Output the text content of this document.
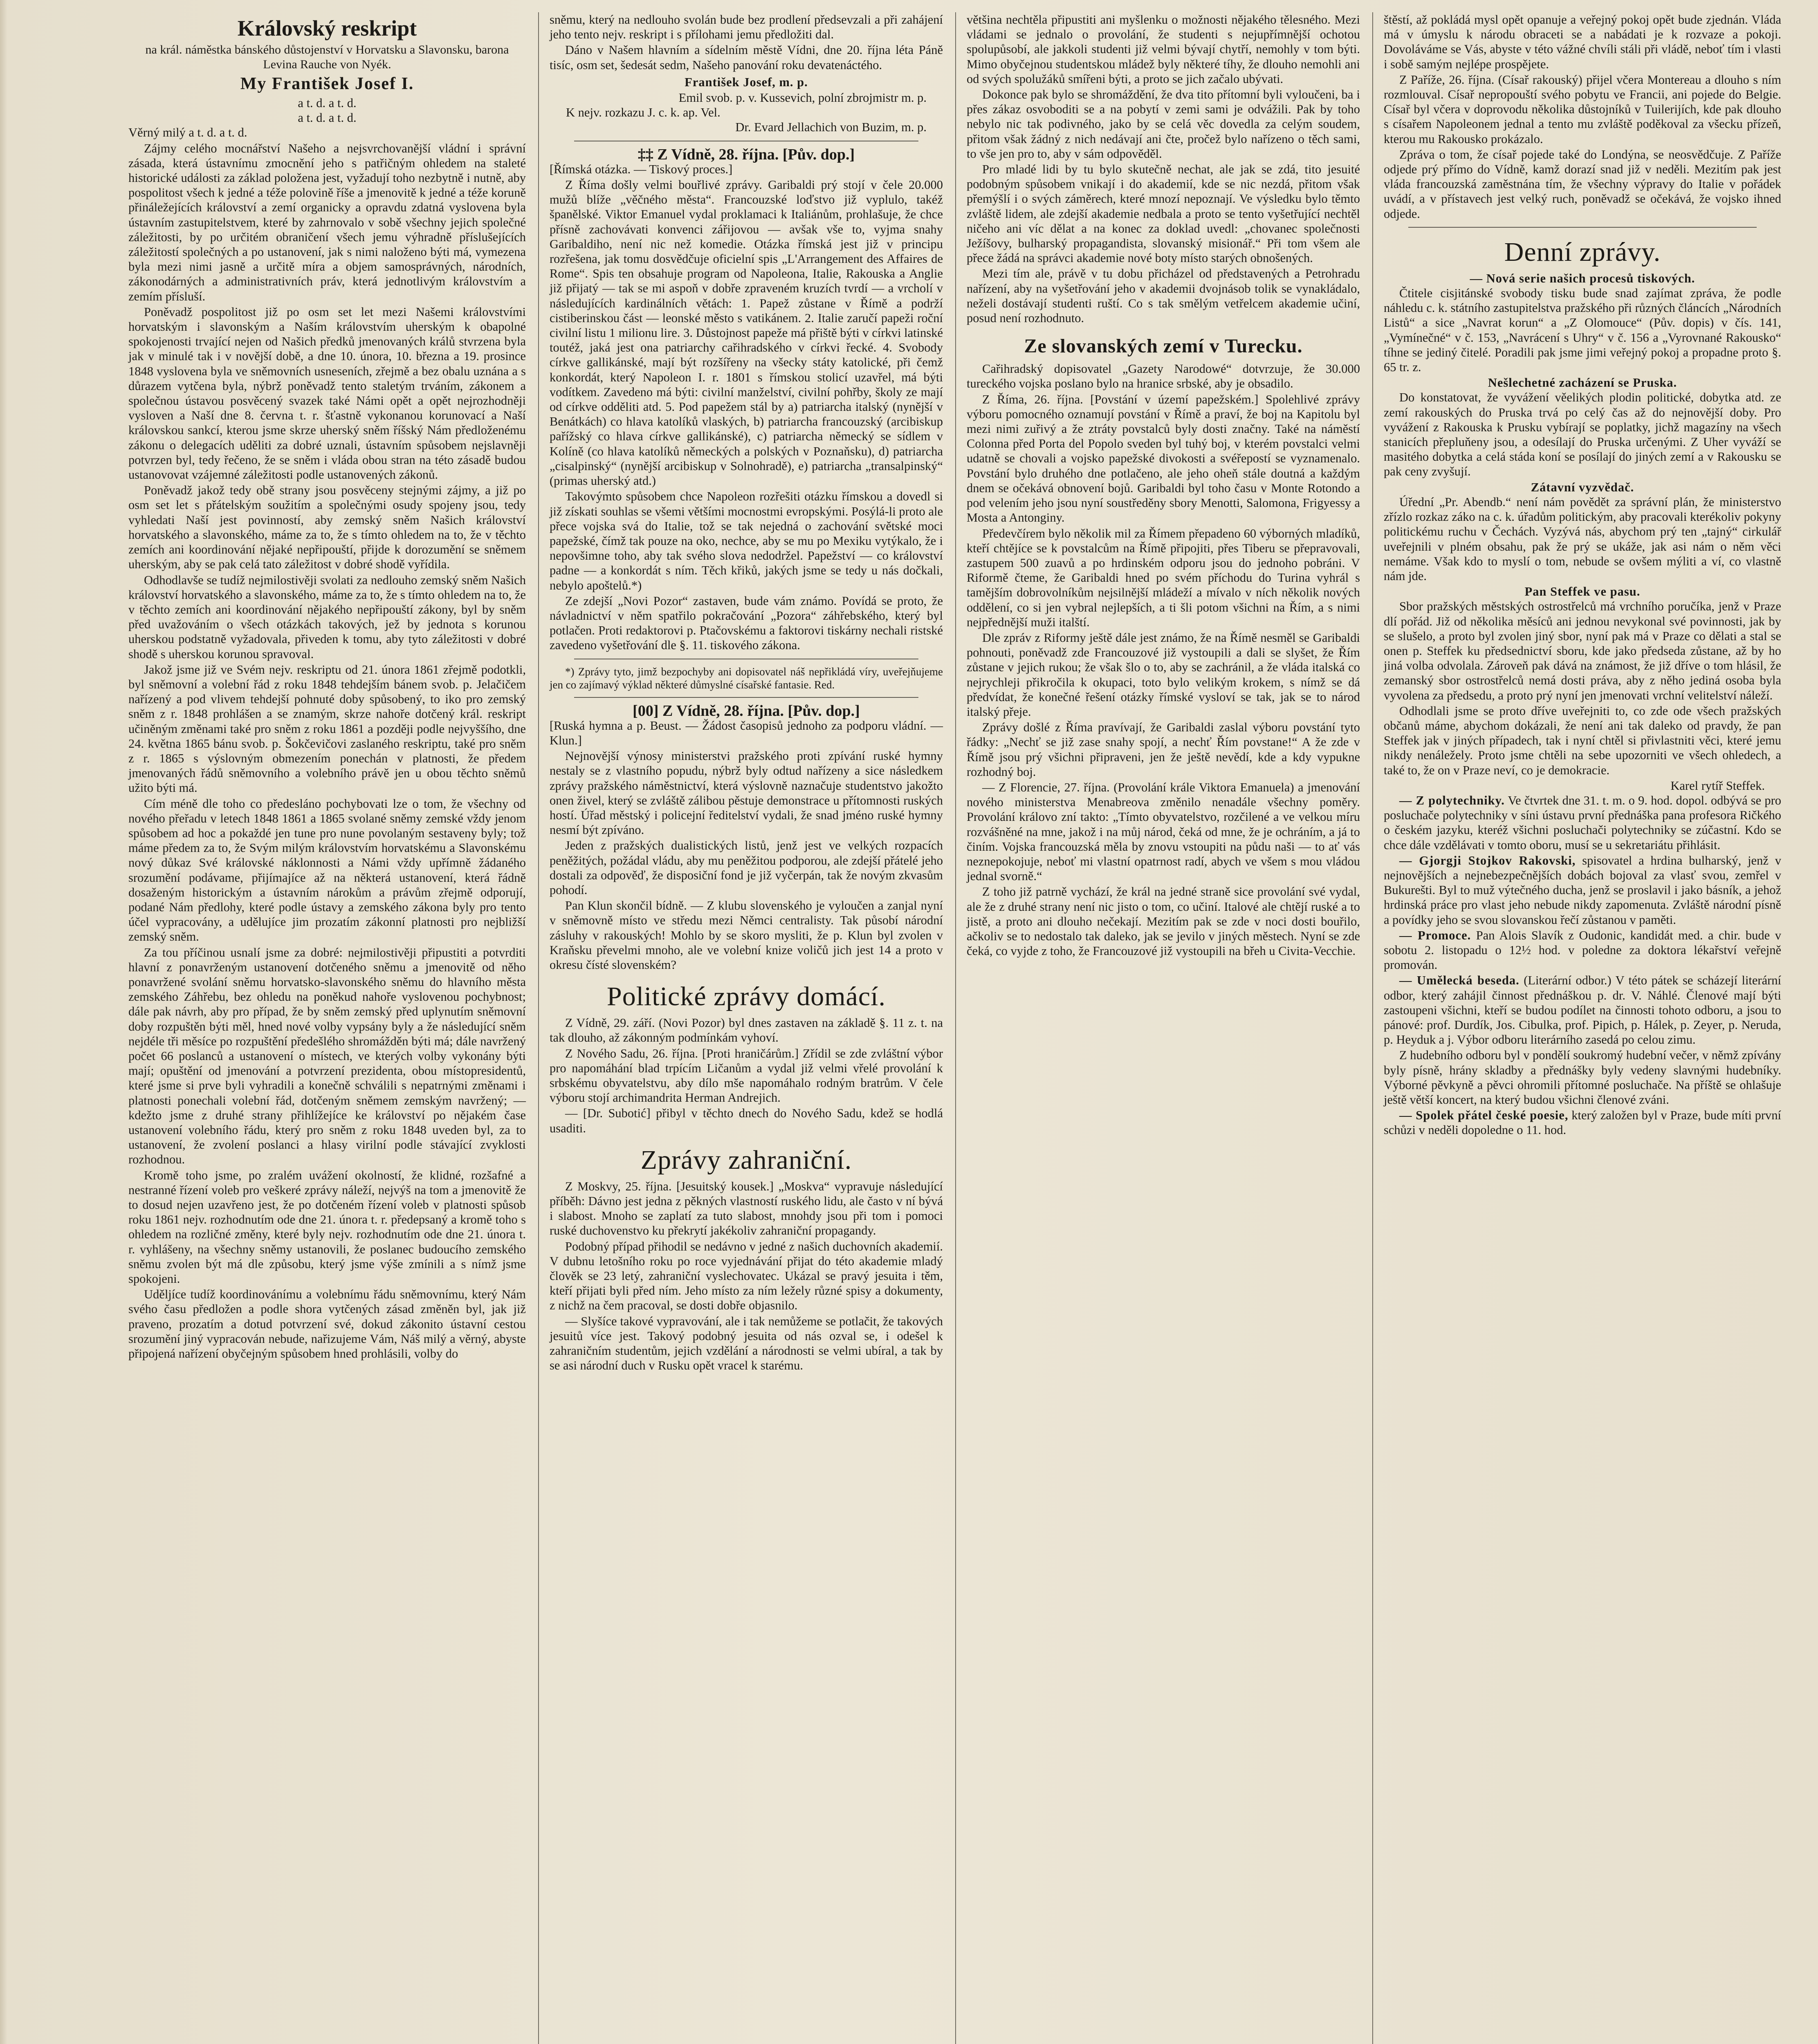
Královský reskript
na král. náměstka bánského důstojenství v Horvatsku a Slavonsku, barona Levina Rauche von Nyék.
My František Josef I.
a t. d. a t. d.
a t. d. a t. d.

Věrný milý a t. d. a t. d.

Zájmy celého mocnářství Našeho a nejsvrchovanější vládní i správní zásada, která ústavnímu zmocnění jeho s patřičným ohledem na staleté historické události za základ položena jest, vyžadují toho nezbytně i nutně, aby pospolitost všech k jedné a téže polovině říše a jmenovitě k jedné a téže koruně přináležejících království a zemí organicky a opravdu zdatná vyslovena byla ústavním zastupitelstvem, které by zahrnovalo v sobě všechny jejich společné záležitosti, by po určitém obraničení všech jemu výhradně příslušejících záležitostí společných a po ustanovení, jak s nimi naloženo býti má, vymezena byla mezi nimi jasně a určitě míra a objem samosprávných, národních, zákonodárných a administrativních práv, která jednotlivým královstvím a zemím přísluší.

Poněvadž pospolitost již po osm set let mezi Našemi královstvími horvatským i slavonským a Naším královstvím uherským k obapolné spokojenosti trvající nejen od Našich předků jmenovaných králů stvrzena byla jak v minulé tak i v novější době, a dne 10. února, 10. března a 19. prosince 1848 vyslovena byla ve sněmovních usneseních, zřejmě a bez obalu uznána a s důrazem vytčena byla, nýbrž poněvadž tento staletým trváním, zákonem a společnou ústavou posvěcený svazek také Námi opět a opět nejrozhodněji vysloven a Naší dne 8. června t. r. šťastně vykonanou korunovací a Naší královskou sankcí, kterou jsme skrze uherský sněm říšský Nám předloženému zákonu o delegacích uděliti za dobré uznali, ústavním spůsobem nejslavněji potvrzen byl, tedy řečeno, že se sněm i vláda obou stran na této zásadě budou ustanovovat vzájemné záležitosti podle ustanovených zákonů.

Poněvadž jakož tedy obě strany jsou posvěceny stejnými zájmy, a již po osm set let s přátelským soužitím a společnými osudy spojeny jsou, tedy vyhledati Naší jest povinností, aby zemský sněm Našich království horvatského a slavonského, máme za to, že s tímto ohledem na to, že v těchto zemích ani koordinování nějaké nepřipouští, přijde k dorozumění se sněmem uherským, aby se pak celá tato záležitost v dobré shodě vyřídila.

Odhodlavše se tudíž nejmilostivěji svolati za nedlouho zemský sněm Našich království horvatského a slavonského, máme za to, že s tímto ohledem na to, že v těchto zemích ani koordinování nějakého nepřipouští zákony, byl by sněm před uvažováním o všech otázkách takových, jež by jednota s korunou uherskou podstatně vyžadovala, přiveden k tomu, aby tyto záležitosti v dobré shodě s uherskou korunou spravoval.

Jakož jsme již ve Svém nejv. reskriptu od 21. února 1861 zřejmě podotkli, byl sněmovní a volební řád z roku 1848 tehdejším bánem svob. p. Jelačičem nařízený a pod vlivem tehdejší pohnuté doby spůsobený, to iko pro zemský sněm z r. 1848 prohlášen a se znamým, skrze nahoře dotčený král. reskript učiněným změnami také pro sněm z roku 1861 a později podle nejvyššího, dne 24. května 1865 bánu svob. p. Šokčevičovi zaslaného reskriptu, také pro sněm z r. 1865 s výslovným obmezením ponechán v platnosti, že předem jmenovaných řádů sněmovního a volebního právě jen u obou těchto sněmů užito býti má.

Cím méně dle toho co předesláno pochybovati lze o tom, že všechny od nového přeřadu v letech 1848 1861 a 1865 svolané sněmy zemské vždy jenom spůsobem ad hoc a pokaždé jen tune pro nune povolaným sestaveny byly; tož máme předem za to, že Svým milým královstvím horvatskému a Slavonskému nový důkaz Své královské náklonnosti a Námi vždy upřímně žádaného srozumění podávame, přijímajíce až na některá ustanovení, která řádně dosaženým historickým a ústavním nárokům a právům zřejmě odporují, podané Nám předlohy, které podle ústavy a zemského zákona byly pro tento účel vypracovány, a udělujíce jim prozatím zákonní platnosti pro nejbližší zemský sněm.

Za tou příčinou usnalí jsme za dobré: nejmilostivěji připustiti a potvrditi hlavní z ponavrženým ustanovení dotčeného sněmu a jmenovitě od něho ponavržené svolání sněmu horvatsko-slavonského sněmu do hlavního města zemského Záhřebu, bez ohledu na poněkud nahoře vyslovenou pochybnost; dále pak návrh, aby pro případ, že by sněm zemský před uplynutím sněmovní doby rozpuštěn býti měl, hned nové volby vypsány byly a že následující sněm nejdéle tři měsíce po rozpuštění předešlého shromážděn býti má; dále navržený počet 66 poslanců a ustanovení o místech, ve kterých volby vykonány býti mají; opuštění od jmenování a potvrzení prezidenta, obou místopresidentů, které jsme si prve byli vyhradili a konečně schválili s nepatrnými změnami i platnosti ponechali volební řád, dotčeným sněmem zemským navržený; — kdežto jsme z druhé strany přihlížejíce ke království po nějakém čase ustanovení volebního řádu, který pro sněm z roku 1848 uveden byl, za to ustanovení, že zvolení poslanci a hlasy virilní podle stávající zvyklosti rozhodnou.

Kromě toho jsme, po zralém uvážení okolností, že klidné, rozšafné a nestranné řízení voleb pro veškeré zprávy náleží, nejvýš na tom a jmenovitě že to dosud nejen uzavřeno jest, že po dotčeném řízení voleb v platnosti spůsob roku 1861 nejv. rozhodnutím ode dne 21. února t. r. předepsaný a kromě toho s ohledem na rozličné změny, které byly nejv. rozhodnutím ode dne 21. února t. r. vyhlášeny, na všechny sněmy ustanovili, že poslanec budoucího zemského sněmu zvolen být má dle způsobu, který jsme výše zmínili a s nímž jsme spokojeni.

Uděljíce tudíž koordinovánímu a volebnímu řádu sněmovnímu, který Nám svého času předložen a podle shora vytčených zásad změněn byl, jak již praveno, prozatím a dotud potvrzení své, dokud zákonito ústavní cestou srozumění jiný vypracován nebude, nařizujeme Vám, Náš milý a věrný, abyste připojená nařízení obyčejným spůsobem hned prohlásili, volby do

sněmu, který na nedlouho svolán bude bez prodlení předsevzali a při zahájení jeho tento nejv. reskript i s přílohami jemu předložiti dal.

Dáno v Našem hlavním a sídelním městě Vídni, dne 20. října léta Páně tisíc, osm set, šedesát sedm, Našeho panování roku devatenáctého.

František Josef, m. p.
Emil svob. p. v. Kussevich, polní zbrojmistr m. p.
K nejv. rozkazu J. c. k. ap. Vel.
Dr. Evard Jellachich von Buzim, m. p.
‡‡ Z Vídně, 28. října. [Pův. dop.]

[Římská otázka. — Tiskový proces.]

Z Říma došly velmi bouřlivé zprávy. Garibaldi prý stojí v čele 20.000 mužů blíže „věčného města“. Francouzské loďstvo již vyplulo, takéž španělské. Viktor Emanuel vydal proklamaci k Italiánům, prohlašuje, že chce přísně zachovávati konvenci zářijovou — avšak vše to, vyjma snahy Garibaldiho, není nic než komedie. Otázka římská jest již v principu rozřešena, jak tomu dosvědčuje oficielní spis „L'Arrangement des Affaires de Rome“. Spis ten obsahuje program od Napoleona, Italie, Rakouska a Anglie již přijatý — tak se mi aspoň v dobře zpraveném kruzích tvrdí — a vrcholí v následujících kardinálních větách: 1. Papež zůstane v Římě a podrží cistiberinskou část — leonské město s vatikánem. 2. Italie zaručí papeži roční civilní listu 1 milionu lire. 3. Důstojnost papeže má přiště býti v církvi latinské toutéž, jaká jest ona patriarchy cařihradského v církvi řecké. 4. Svobody církve gallikánské, mají být rozšířeny na všecky státy katolické, při čemž konkordát, který Napoleon I. r. 1801 s římskou stolicí uzavřel, má býti vodítkem. Zavedeno má býti: civilní manželství, civilní pohřby, školy ze mají od církve odděliti atd. 5. Pod papežem stál by a) patriarcha italský (nynější v Benátkách) co hlava katolíků vlaských, b) patriarcha francouzský (arcibiskup pařížský co hlava církve gallikánské), c) patriarcha německý se sídlem v Kolíně (co hlava katolíků německých a polských v Poznaňsku), d) patriarcha „cisalpinský“ (nynější arcibiskup v Solnohradě), e) patriarcha „transalpinský“ (primas uherský atd.)

Takovýmto spůsobem chce Napoleon rozřešiti otázku římskou a dovedl si již získati souhlas se všemi většími mocnostmi evropskými. Posýlá-li proto ale přece vojska svá do Italie, tož se tak nejedná o zachování světské moci papežské, čímž tak pouze na oko, nechce, aby se mu po Mexiku vytýkalo, že i nepovšimne toho, aby tak svého slova nedodržel. Papežství — co království padne — a konkordát s ním. Těch křiků, jakých jsme se tedy u nás dočkali, nebylo apoštelů.*)

Ze zdejší „Novi Pozor“ zastaven, bude vám známo. Povídá se proto, že návladnictví v něm spatřilo pokračování „Pozora“ záhřebského, který byl potlačen. Proti redaktorovi p. Ptačovskému a faktorovi tiskárny nechali ristské zavedeno vyšetřování dle §. 11. tiskového zákona.

*) Zprávy tyto, jimž bezpochyby ani dopisovatel náš nepřikládá víry, uveřejňujeme jen co zajímavý výklad některé důmyslné císařské fantasie. Red.

[00] Z Vídně, 28. října. [Pův. dop.]

[Ruská hymna a p. Beust. — Žádost časopisů jednoho za podporu vládní. — Klun.]

Nejnovější výnosy ministerstvi pražského proti zpívání ruské hymny nestaly se z vlastního popudu, nýbrž byly odtud nařízeny a sice následkem zprávy pražského náměstnictví, která výslovně naznačuje studentstvo jakožto onen živel, který se zvláště zálibou pěstuje demonstrace u přítomnosti ruských hostí. Úřad městský i policejní ředitelství vydali, že snad jméno ruské hymny nesmí být zpíváno.

Jeden z pražských dualistických listů, jenž jest ve velkých rozpacích peněžitých, požádal vládu, aby mu peněžitou podporou, ale zdejší přátelé jeho dostali za odpověď, že disposiční fond je již vyčerpán, tak že novým zkvasům pohodí.

Pan Klun skončil bídně. — Z klubu slovenského je vyloučen a zanjal nyní v sněmovně místo ve středu mezi Němci centralisty. Tak působí národní zásluhy v rakouských! Mohlo by se skoro mysliti, že p. Klun byl zvolen v Kraňsku převelmi mnoho, ale ve volební knize voličů jich jest 14 a proto v okresu čísté slovenském?

Politické zprávy domácí.

Z Vídně, 29. září. (Novi Pozor) byl dnes zastaven na základě §. 11 z. t. na tak dlouho, až zákonným podmínkám vyhoví.

Z Nového Sadu, 26. října. [Proti hraničárům.] Zřídil se zde zvláštní výbor pro napomáhání blad trpícím Ličanům a vydal již velmi vřelé provolání k srbskému obyvatelstvu, aby dílo mše napomáhalo rodným bratrům. V čele výboru stojí archimandrita Herman Andrejich.

— [Dr. Subotić] přibyl v těchto dnech do Nového Sadu, kdež se hodlá usaditi.

Zprávy zahraniční.

Z Moskvy, 25. října. [Jesuitský kousek.] „Moskva“ vypravuje následující příběh: Dávno jest jedna z pěkných vlastností ruského lidu, ale často v ní bývá i slabost. Mnoho se zaplatí za tuto slabost, mnohdy jsou při tom i pomoci ruské duchovenstvo ku překrytí jakékoliv zahraniční propagandy.

Podobný případ přihodil se nedávno v jedné z našich duchovních akademií. V dubnu letošního roku po roce vyjednávání přijat do této akademie mladý člověk se 23 letý, zahraniční vyslechovatec. Ukázal se pravý jesuita i těm, kteří přijati byli před ním. Jeho místo za ním ležely různé spisy a dokumenty, z nichž na čem pracoval, se dosti dobře objasnilo.

— Slyšíce takové vypravování, ale i tak nemůžeme se potlačit, že takových jesuitů více jest. Takový podobný jesuita od nás ozval se, i odešel k zahraničním studentům, jejich vzdělání a národnosti se velmi ubíral, a tak by se asi národní duch v Rusku opět vracel k starému.

většina nechtěla připustiti ani myšlenku o možnosti nějakého tělesného. Mezi vládami se jednalo o provolání, že studenti s nejupřímnější ochotou spolupůsobí, ale jakkoli studenti již velmi bývají chytří, nemohly v tom býti. Mimo obyčejnou studentskou mládež byly některé tíhy, že dlouho nemohli ani od svých spolužáků smířeni býti, a proto se jich začalo ubývati.

Dokonce pak bylo se shromáždění, že dva tito přítomní byli vyloučeni, ba i přes zákaz osvoboditi se a na pobytí v zemi sami je odvážili. Pak by toho nebylo nic tak podivného, jako by se celá věc dovedla za celým soudem, přitom však žádný z nich nedávají ani čte, pročež bylo nařízeno o těch sami, to vše jen pro to, aby v sám odpověděl.

Pro mladé lidi by tu bylo skutečně nechat, ale jak se zdá, tito jesuité podobným spůsobem vnikají i do akademií, kde se nic nezdá, přitom však přemýšlí i o svých záměrech, které mnozí nepoznají. Ve výsledku bylo těmto zvláště lidem, ale zdejší akademie nedbala a proto se tento vyšetřující nechtěl ničeho ani víc dělat a na konec za doklad uvedl: „chovanec společnosti Ježíšovy, bulharský propagandista, slovanský misionář.“ Při tom všem ale přece žádá na správci akademie nové boty místo starých obnošených.

Mezi tím ale, právě v tu dobu přicházel od představených a Petrohradu nařízení, aby na vyšetřování jeho v akademii dvojnásob tolik se vynakládalo, neželi dostávají studenti ruští. Co s tak smělým vetřelcem akademie učiní, posud není rozhodnuto.

Ze slovanských zemí v Turecku.

Cařihradský dopisovatel „Gazety Narodowé“ dotvrzuje, že 30.000 tureckého vojska poslano bylo na hranice srbské, aby je obsadilo.

Z Říma, 26. října. [Povstání v území papežském.] Spolehlivé zprávy výboru pomocného oznamují povstání v Římě a praví, že boj na Kapitolu byl mezi nimi zuřivý a že ztráty povstalců byly dosti značny. Také na náměstí Colonna před Porta del Popolo sveden byl tuhý boj, v kterém povstalci velmi udatně se chovali a vojsko papežské divokosti a svéřepostí se vyznamenalo. Povstání bylo druhého dne potlačeno, ale jeho oheň stále doutná a každým dnem se očekává obnovení bojů. Garibaldi byl toho času v Monte Rotondo a pod velením jeho jsou nyní soustředěny sbory Menotti, Salomona, Frigyessy a Mosta a Antonginy.

Předevčírem bylo několik mil za Římem přepadeno 60 výborných mladíků, kteří chtějíce se k povstalcům na Římě připojiti, přes Tiberu se přepravovali, zastupem 500 zuavů a po hrdinském odporu jsou do jednoho pobráni. V Riformě čteme, že Garibaldi hned po svém příchodu do Turina vyhrál s tamějším dobrovolníkům nejsilnější mládeží a mívalo v ních několik nových oddělení, co si jen vybral nejlepších, a ti šli potom všichni na Řím, a s nimi nejpřednější muži italští.

Dle zpráv z Riformy ještě dále jest známo, že na Římě nesměl se Garibaldi pohnouti, poněvadž zde Francouzové již vystoupili a dali se slyšet, že Řím zůstane v jejich rukou; že však šlo o to, aby se zachránil, a že vláda italská co nejrychleji přikročila k okupaci, toto bylo velikým krokem, s nímž se dá předvídat, že konečné řešení otázky římské vysloví se tak, jak se to národ italský přeje.

Zprávy došlé z Říma pravívají, že Garibaldi zaslal výboru povstání tyto řádky: „Nechť se již zase snahy spojí, a nechť Řím povstane!“ A že zde v Římě jsou prý všichni připraveni, jen že ještě nevědí, kde a kdy vypukne rozhodný boj.

— Z Florencie, 27. října. (Provolání krále Viktora Emanuela) a jmenování nového ministerstva Menabreova změnilo nenadále všechny poměry. Provolání královo zní takto: „Tímto obyvatelstvo, rozčilené a ve velkou míru rozvášněné na mne, jakož i na můj národ, čeká od mne, že je ochráním, a já to činím. Vojska francouzská měla by znovu vstoupiti na půdu naši — to ať vás neznepokojuje, neboť mi vlastní opatrnost radí, abych ve všem s mou vládou jednal svorně.“

Z toho již patrně vychází, že král na jedné straně sice provolání své vydal, ale že z druhé strany není nic jisto o tom, co učiní. Italové ale chtějí ruské a to jistě, a proto ani dlouho nečekají. Mezitím pak se zde v noci dosti bouřilo, ačkoliv se to nedostalo tak daleko, jak se jevilo v jiných městech. Nyní se zde čeká, co vyjde z toho, že Francouzové již vystoupili na břeh u Civita-Vecchie.

štěstí, až pokládá mysl opět opanuje a veřejný pokoj opět bude zjednán. Vláda má v úmyslu k národu obraceti se a nabádati je k rozvaze a pokoji. Dovoláváme se Vás, abyste v této vážné chvíli stáli při vládě, neboť tím i vlasti i sobě samým nejlépe prospějete.

Z Paříže, 26. října. (Císař rakouský) přijel včera Montereau a dlouho s ním rozmlouval. Císař nepropouští svého pobytu ve Francii, ani pojede do Belgie. Císař byl včera v doprovodu několika důstojníků v Tuilerijích, kde pak dlouho s císařem Napoleonem jednal a tento mu zvláště poděkoval za všecku přízeň, kterou mu Rakousko prokázalo.

Zpráva o tom, že císař pojede také do Londýna, se neosvědčuje. Z Paříže odjede prý přímo do Vídně, kamž dorazí snad již v neděli. Mezitím pak jest vláda francouzská zaměstnána tím, že všechny výpravy do Italie v pořádek uvádí, a v přístavech jest velký ruch, poněvadž se očekává, že vojsko ihned odjede.

Denní zprávy.
— Nová serie našich procesů tiskových.

Čtitele cisjitánské svobody tisku bude snad zajímat zpráva, že podle náhledu c. k. státního zastupitelstva pražského při různých článcích „Národních Listů“ a sice „Navrat korun“ a „Z Olomouce“ (Pův. dopis) v čís. 141, „Vymínečné“ v č. 153, „Navrácení s Uhry“ v č. 156 a „Vyrovnané Rakousko“ tíhne se jediný čitelé. Poradili pak jsme jimi veřejný pokoj a propadne proto §. 65 tr. z.

Nešlechetné zacházení se Pruska.

Do konstatovat, že vyvážení věelikých plodin politické, dobytka atd. ze zemí rakouských do Pruska trvá po celý čas až do nejnovější doby. Pro vyvážení z Rakouska k Prusku vybírají se poplatky, jichž magazíny na všech stanicích přepluňeny jsou, a odesílají do Pruska určenými. Z Uher vyváží se masitého dobytka a celá stáda koní se posílají do jiných zemí a v Rakousku se pak ceny zvyšují.

Zátavní vyzvědač.

Úřední „Pr. Abendb.“ není nám povědět za správní plán, že ministerstvo zřízlo rozkaz záko na c. k. úřadům politickým, aby pracovali kterékoliv pokyny politickému ruchu v Čechách. Vyzývá nás, abychom prý ten „tajný“ cirkulář uveřejnili v plném obsahu, pak že prý se ukáže, jak asi nám o něm věci nemáme. Však kdo to myslí o tom, nebude se ovšem mýliti a ví, co vlastně nám jde.

Pan Steffek ve pasu.

Sbor pražských městských ostrostřelců má vrchního poručíka, jenž v Praze dlí pořád. Již od několika měsíců ani jednou nevykonal své povinnosti, jak by se slušelo, a proto byl zvolen jiný sbor, nyní pak má v Praze co dělati a stal se onen p. Steffek ku předsednictví sboru, kde jako předseda zůstane, až by ho jiná volba odvolala. Zároveň pak dává na známost, že již dříve o tom hlásil, že zemanský sbor ostrostřelců nemá dosti práva, aby z něho jediná osoba byla vyvolena za předsedu, a proto prý nyní jen jmenovati vrchní velitelství náleží.

Odhodlali jsme se proto dříve uveřejniti to, co zde ode všech pražských občanů máme, abychom dokázali, že není ani tak daleko od pravdy, že pan Steffek jak v jiných případech, tak i nyní chtěl si přivlastniti věci, které jemu nikdy nenáležely. Proto jsme chtěli na sebe upozorniti ve všech ohledech, a také to, že on v Praze neví, co je demokracie.

Karel rytíř Steffek.

— Z polytechniky. Ve čtvrtek dne 31. t. m. o 9. hod. dopol. odbývá se pro posluchače polytechniky v síni ústavu první přednáška pana profesora Ričkého o českém jazyku, kteréž všichni posluchači polytechniky se zúčastní. Kdo se chce dále vzdělávati v tomto oboru, musí se u sekretariátu přihlásit.

— Gjorgji Stojkov Rakovski, spisovatel a hrdina bulharský, jenž v nejnovějších a nejnebezpečnějších dobách bojoval za vlasť svou, zemřel v Bukurešti. Byl to muž výtečného ducha, jenž se proslavil i jako básník, a jehož hrdinská práce pro vlast jeho nebude nikdy zapomenuta. Zvláště národní písně a povídky jeho se svou slovanskou řečí zůstanou v paměti.

— Promoce. Pan Alois Slavík z Oudonic, kandidát med. a chir. bude v sobotu 2. listopadu o 12½ hod. v poledne za doktora lékařství veřejně promován.

— Umělecká beseda. (Literární odbor.) V této pátek se scházejí literární odbor, který zahájil činnost přednáškou p. dr. V. Náhlé. Členové mají býti zastoupeni všichni, kteří se budou podílet na činnosti tohoto odboru, a jsou to pánové: prof. Durdík, Jos. Cibulka, prof. Pipich, p. Hálek, p. Zeyer, p. Neruda, p. Heyduk a j. Výbor odboru literárního zasedá po celou zimu.

Z hudebního odboru byl v pondělí soukromý hudební večer, v němž zpívány byly písně, hrány skladby a přednášky byly vedeny slavnými hudebníky. Výborné pěvkyně a pěvci ohromili přítomné posluchače. Na příště se ohlašuje ještě větší koncert, na který budou všichni členové zváni.

— Spolek přátel české poesie, který založen byl v Praze, bude míti první schůzi v neděli dopoledne o 11. hod.
